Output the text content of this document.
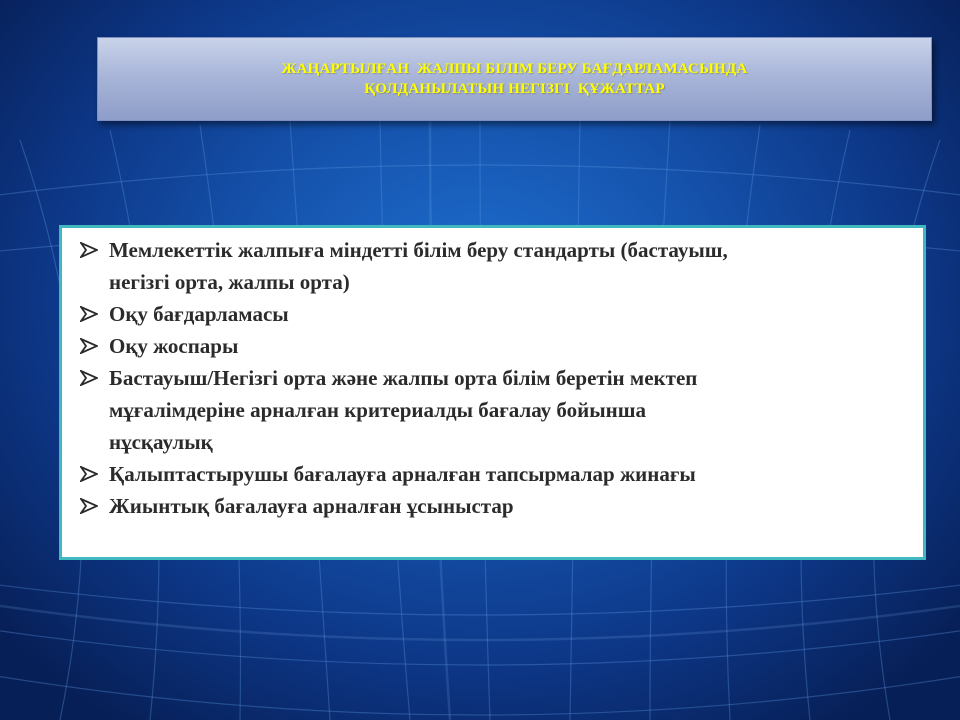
ЖАҢАРТЫЛҒАН  ЖАЛПЫ БІЛІМ БЕРУ БАҒДАРЛАМАСЫНДА
ҚОЛДАНЫЛАТЫН НЕГІЗГІ  ҚҰЖАТТАР
Мемлекеттік жалпыға міндетті білім беру стандарты (бастауыш,
негізгі орта, жалпы орта)
Оқу бағдарламасы
Оқу жоспары
Бастауыш/Негізгі орта және жалпы орта білім беретін мектеп
мұғалімдеріне арналған критериалды бағалау бойынша
нұсқаулық
Қалыптастырушы бағалауға арналған тапсырмалар жинағы
Жиынтық бағалауға арналған ұсыныстар
